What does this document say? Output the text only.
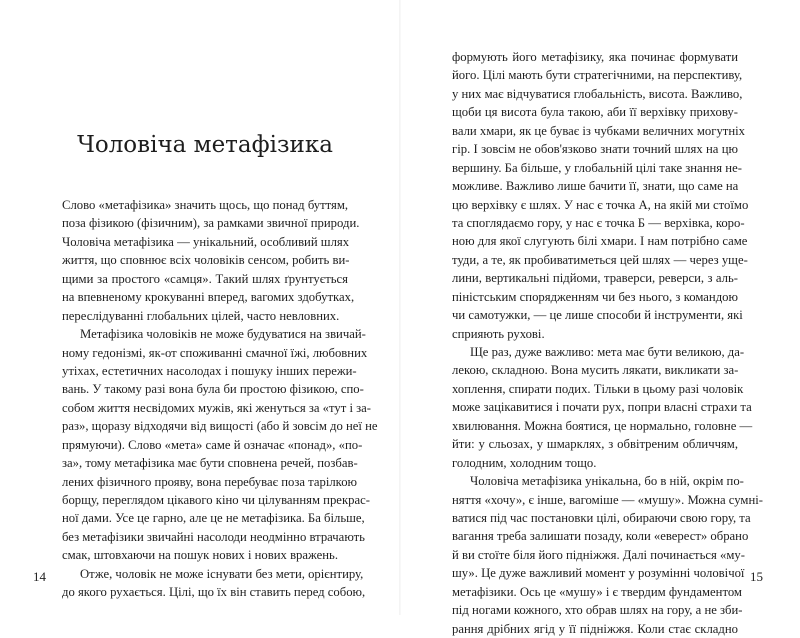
Чоловіча метафізика
Слово «метафізика» значить щось, що понад буттям,
поза фізикою (фізичним), за рамками звичної природи.
Чоловіча метафізика — унікальний, особливий шлях
життя, що сповнює всіх чоловіків сенсом, робить ви-
щими за простого «самця». Такий шлях ґрунтується
на впевненому крокуванні вперед, вагомих здобутках,
переслідуванні глобальних цілей, часто невловних.
Метафізика чоловіків не може будуватися на звичай-
ному гедонізмі, як-от споживанні смачної їжі, любовних
утіхах, естетичних насолодах і пошуку інших пережи-
вань. У такому разі вона була би простою фізикою, спо-
собом життя несвідомих мужів, які женуться за «тут і за-
раз», щоразу відходячи від вищості (або й зовсім до неї не
прямуючи). Слово «мета» саме й означає «понад», «по-
за», тому метафізика має бути сповнена речей, позбав-
лених фізичного прояву, вона перебуває поза тарілкою
борщу, переглядом цікавого кіно чи цілуванням прекрас-
ної дами. Усе це гарно, але це не метафізика. Ба більше,
без метафізики звичайні насолоди неодмінно втрачають
смак, штовхаючи на пошук нових і нових вражень.
Отже, чоловік не може існувати без мети, орієнтиру,
до якого рухається. Цілі, що їх він ставить перед собою,
14
формують його метафізику, яка починає формувати
його. Цілі мають бути стратегічними, на перспективу,
у них має відчуватися глобальність, висота. Важливо,
щоби ця висота була такою, аби її верхівку прихову-
вали хмари, як це буває із чубками величних могутніх
гір. І зовсім не обов'язково знати точний шлях на цю
вершину. Ба більше, у глобальній цілі таке знання не-
можливе. Важливо лише бачити її, знати, що саме на
цю верхівку є шлях. У нас є точка А, на якій ми стоїмо
та споглядаємо гору, у нас є точка Б — верхівка, коро-
ною для якої слугують білі хмари. І нам потрібно саме
туди, а те, як пробиватиметься цей шлях — через уще-
лини, вертикальні підйоми, траверси, реверси, з аль-
піністським спорядженням чи без нього, з командою
чи самотужки, — це лише способи й інструменти, які
сприяють рухові.
Ще раз, дуже важливо: мета має бути великою, да-
лекою, складною. Вона мусить лякати, викликати за-
хоплення, спирати подих. Тільки в цьому разі чоловік
може зацікавитися і почати рух, попри власні страхи та
хвилювання. Можна боятися, це нормально, головне —
йти: у сльозах, у шмарклях, з обвітреним обличчям,
голодним, холодним тощо.
Чоловіча метафізика унікальна, бо в ній, окрім по-
няття «хочу», є інше, вагоміше — «мушу». Можна сумні-
ватися під час постановки цілі, обираючи свою гору, та
вагання треба залишати позаду, коли «еверест» обрано
й ви стоїте біля його підніжжя. Далі починається «му-
шу». Це дуже важливий момент у розумінні чоловічої
метафізики. Ось це «мушу» і є твердим фундаментом
під ногами кожного, хто обрав шлях на гору, а не зби-
рання дрібних ягід у її підніжжя. Коли стає складно
15
